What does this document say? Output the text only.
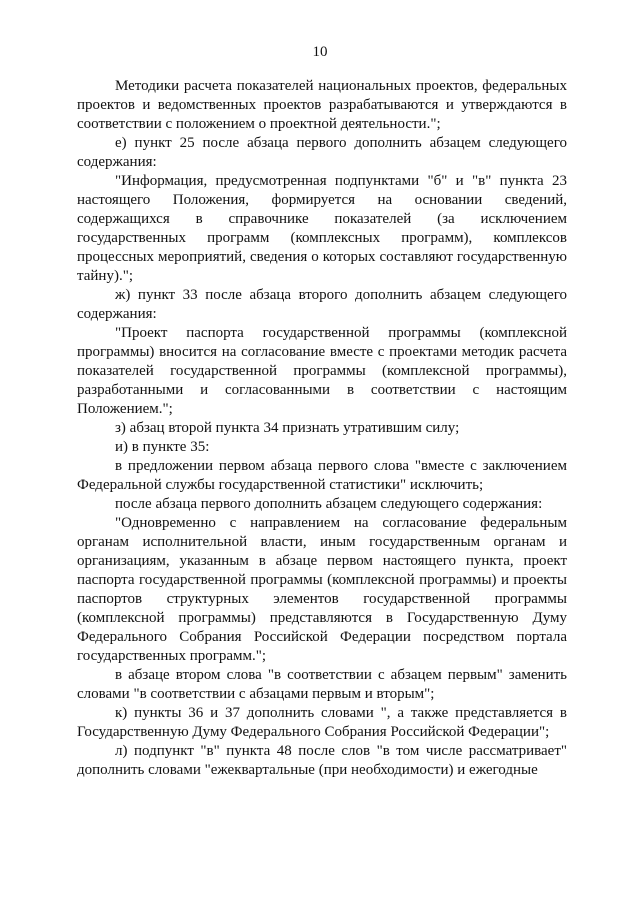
10

Методики расчета показателей национальных проектов, федеральных проектов и ведомственных проектов разрабатываются и утверждаются в соответствии с положением о проектной деятельности.";

е) пункт 25 после абзаца первого дополнить абзацем следующего содержания:

"Информация, предусмотренная подпунктами "б" и "в" пункта 23 настоящего Положения, формируется на основании сведений, содержащихся в справочнике показателей (за исключением государственных программ (комплексных программ), комплексов процессных мероприятий, сведения о которых составляют государственную тайну).";

ж) пункт 33 после абзаца второго дополнить абзацем следующего содержания:

"Проект паспорта государственной программы (комплексной программы) вносится на согласование вместе с проектами методик расчета показателей государственной программы (комплексной программы), разработанными и согласованными в соответствии с настоящим Положением.";

з) абзац второй пункта 34 признать утратившим силу;

и) в пункте 35:

в предложении первом абзаца первого слова "вместе с заключением Федеральной службы государственной статистики" исключить;

после абзаца первого дополнить абзацем следующего содержания:

"Одновременно с направлением на согласование федеральным органам исполнительной власти, иным государственным органам и организациям, указанным в абзаце первом настоящего пункта, проект паспорта государственной программы (комплексной программы) и проекты паспортов структурных элементов государственной программы (комплексной программы) представляются в Государственную Думу Федерального Собрания Российской Федерации посредством портала государственных программ.";

в абзаце втором слова "в соответствии с абзацем первым" заменить словами "в соответствии с абзацами первым и вторым";

к) пункты 36 и 37 дополнить словами ", а также представляется в Государственную Думу Федерального Собрания Российской Федерации";

л) подпункт "в" пункта 48 после слов "в том числе рассматривает" дополнить словами "ежеквартальные (при необходимости) и ежегодные
